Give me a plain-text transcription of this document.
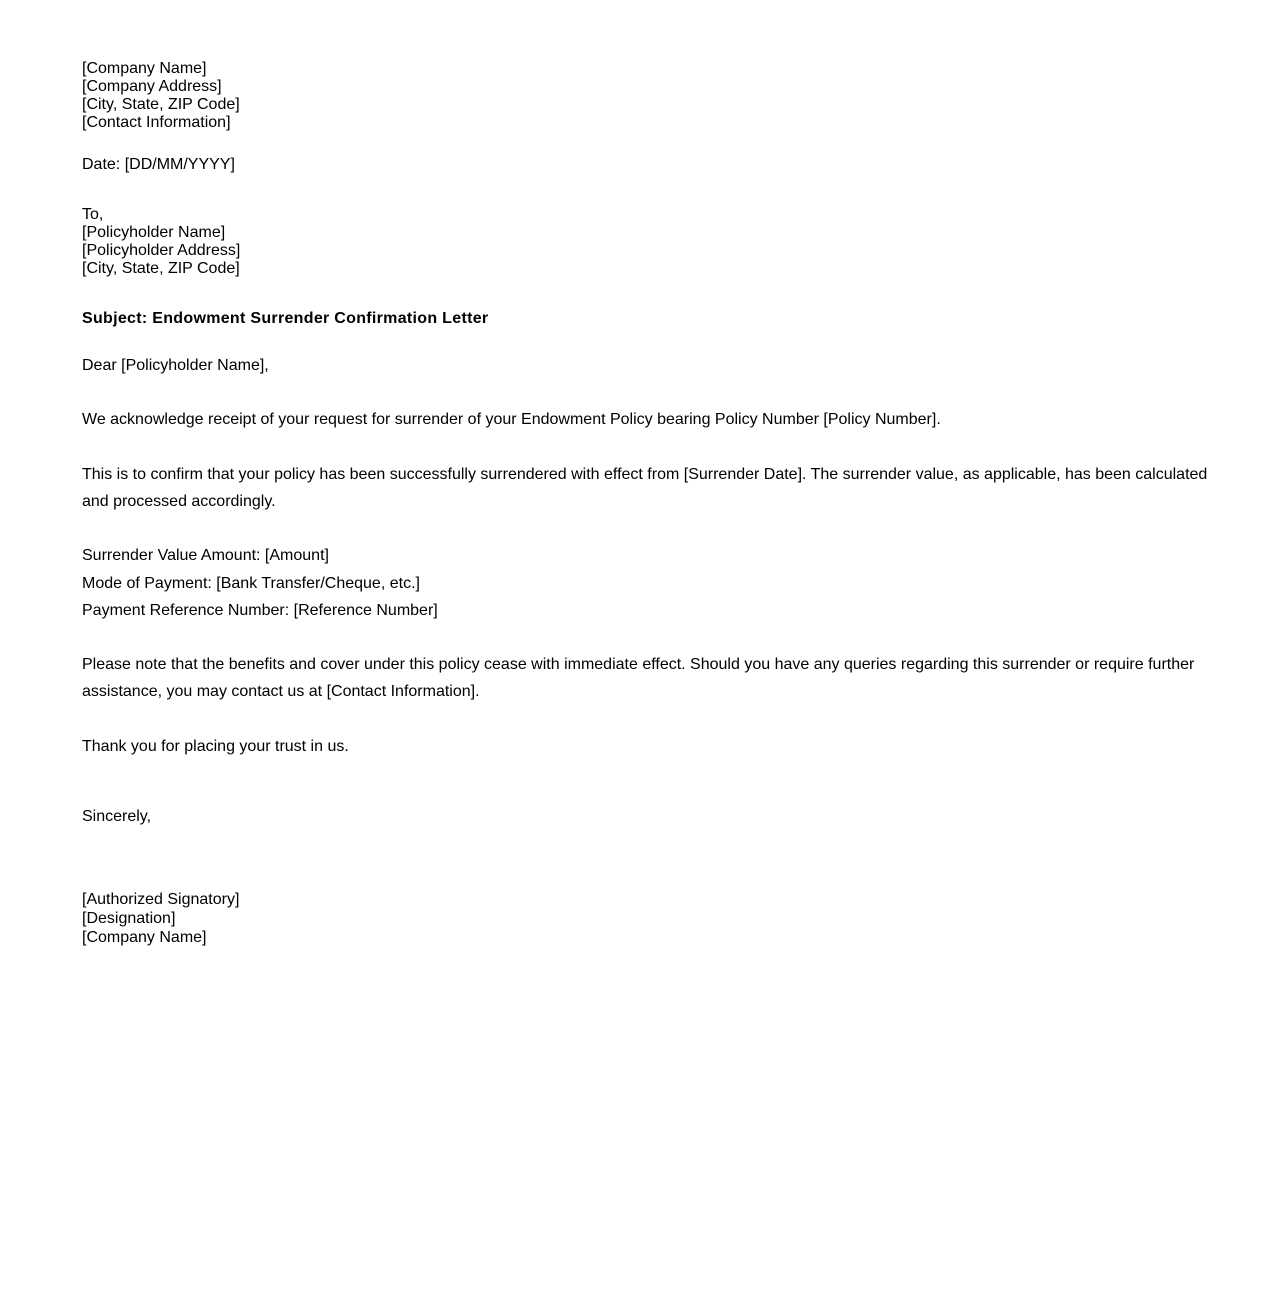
[Company Name]
[Company Address]
[City, State, ZIP Code]
[Contact Information]
Date: [DD/MM/YYYY]
To,
[Policyholder Name]
[Policyholder Address]
[City, State, ZIP Code]
Subject: Endowment Surrender Confirmation Letter
Dear [Policyholder Name],
We acknowledge receipt of your request for surrender of your Endowment Policy bearing Policy Number [Policy Number].
This is to confirm that your policy has been successfully surrendered with effect from [Surrender Date]. The surrender value, as applicable, has been calculated and processed accordingly.
Surrender Value Amount: [Amount]
Mode of Payment: [Bank Transfer/Cheque, etc.]
Payment Reference Number: [Reference Number]
Please note that the benefits and cover under this policy cease with immediate effect. Should you have any queries regarding this surrender or require further assistance, you may contact us at [Contact Information].
Thank you for placing your trust in us.
Sincerely,
[Authorized Signatory]
[Designation]
[Company Name]
